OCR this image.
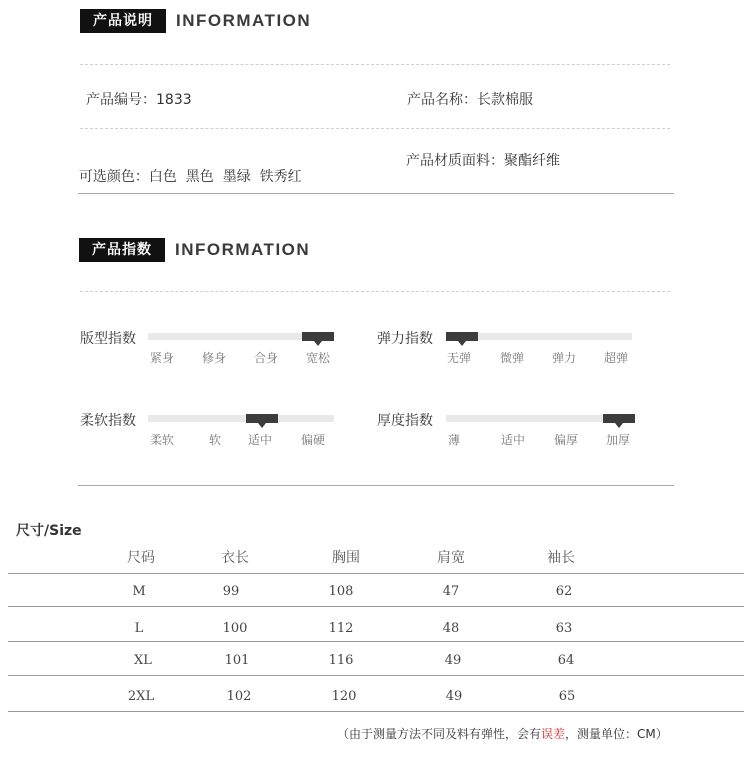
产品说明	INFORMATION
产品编号：1833	产品名称：长款棉服

可选颜色：白色  黑色  墨绿  铁秀红

产品材质面料：聚酯纤维
产品指数	INFORMATION
版型指数
紧身 修身 合身 宽松
弹力指数
无弹 微弹 弹力 超弹
柔软指数
柔软	软 适中 偏硬
厚度指数
薄	适中 偏厚 加厚
尺寸/Size
尺码	衣长	胸围	肩宽	袖长
M	99	108	47	62
L	100	112	48	63
XL	101	116	49	64
2XL	102	120	49	65
（由于测量方法不同及料有弹性，会有误差，测量单位：CM）
